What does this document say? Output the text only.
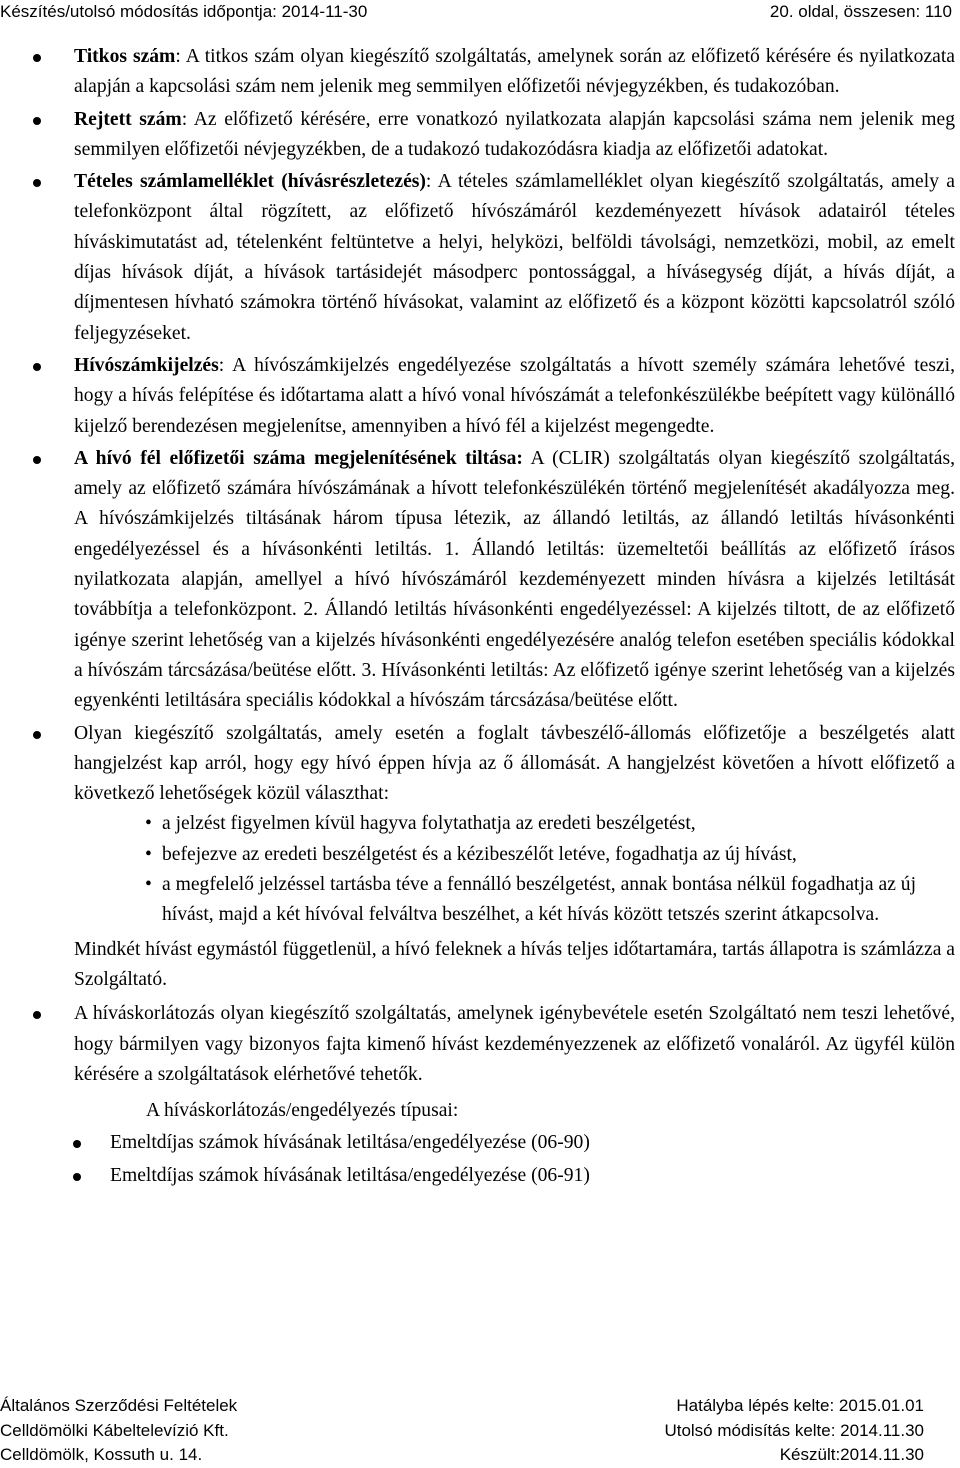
Készítés/utolsó módosítás időpontja: 2014-11-30	20. oldal, összesen: 110
Titkos szám: A titkos szám olyan kiegészítő szolgáltatás, amelynek során az előfizető kérésére és nyilatkozata alapján a kapcsolási szám nem jelenik meg semmilyen előfizetői névjegyzékben, és tudakozóban.
Rejtett szám: Az előfizető kérésére, erre vonatkozó nyilatkozata alapján kapcsolási száma nem jelenik meg semmilyen előfizetői névjegyzékben, de a tudakozó tudakozódásra kiadja az előfizetői adatokat.
Tételes számlamelléklet (hívásrészletezés): A tételes számlamelléklet olyan kiegészítő szolgáltatás, amely a telefonközpont által rögzített, az előfizető hívószámáról kezdeményezett hívások adatairól tételes híváskimutatást ad, tételenként feltüntetve a helyi, helyközi, belföldi távolsági, nemzetközi, mobil, az emelt díjas hívások díját, a hívások tartásidejét másodperc pontossággal, a hívásegység díját, a hívás díját, a díjmentesen hívható számokra történő hívásokat, valamint az előfizető és a központ közötti kapcsolatról szóló feljegyzéseket.
Hívószámkijelzés: A hívószámkijelzés engedélyezése szolgáltatás a hívott személy számára lehetővé teszi, hogy a hívás felépítése és időtartama alatt a hívó vonal hívószámát a telefonkészülékbe beépített vagy különálló kijelző berendezésen megjelenítse, amennyiben a hívó fél a kijelzést megengedte.
A hívó fél előfizetői száma megjelenítésének tiltása: A (CLIR) szolgáltatás olyan kiegészítő szolgáltatás, amely az előfizető számára hívószámának a hívott telefonkészülékén történő megjelenítését akadályozza meg. A hívószámkijelzés tiltásának három típusa létezik, az állandó letiltás, az állandó letiltás hívásonkénti engedélyezéssel és a hívásonkénti letiltás. 1. Állandó letiltás: üzemeltetői beállítás az előfizető írásos nyilatkozata alapján, amellyel a hívó hívószámáról kezdeményezett minden hívásra a kijelzés letiltását továbbítja a telefonközpont. 2. Állandó letiltás hívásonkénti engedélyezéssel: A kijelzés tiltott, de az előfizető igénye szerint lehetőség van a kijelzés hívásonkénti engedélyezésére analóg telefon esetében speciális kódokkal a hívószám tárcsázása/beütése előtt. 3. Hívásonkénti letiltás: Az előfizető igénye szerint lehetőség van a kijelzés egyenkénti letiltására speciális kódokkal a hívószám tárcsázása/beütése előtt.
Olyan kiegészítő szolgáltatás, amely esetén a foglalt távbeszélő-állomás előfizetője a beszélgetés alatt hangjelzést kap arról, hogy egy hívó éppen hívja az ő állomását. A hangjelzést követően a hívott előfizető a következő lehetőségek közül választhat:
• a jelzést figyelmen kívül hagyva folytathatja az eredeti beszélgetést,
• befejezve az eredeti beszélgetést és a kézibeszélőt letéve, fogadhatja az új hívást,
• a megfelelő jelzéssel tartásba téve a fennálló beszélgetést, annak bontása nélkül fogadhatja az új hívást, majd a két hívóval felváltva beszélhet, a két hívás között tetszés szerint átkapcsolva.
Mindkét hívást egymástól függetlenül, a hívó feleknek a hívás teljes időtartamára, tartás állapotra is számlázza a Szolgáltató.
A híváskorlátozás olyan kiegészítő szolgáltatás, amelynek igénybevétele esetén Szolgáltató nem teszi lehetővé, hogy bármilyen vagy bizonyos fajta kimenő hívást kezdeményezzenek az előfizető vonaláról. Az ügyfél külön kérésére a szolgáltatások elérhetővé tehetők.
A híváskorlátozás/engedélyezés típusai:
Emeltdíjas számok hívásának letiltása/engedélyezése (06-90)
Emeltdíjas számok hívásának letiltása/engedélyezése (06-91)
Általános Szerződési Feltételek	Hatályba lépés kelte: 2015.01.01
Celldömölki Kábeltelevízió Kft.	Utolsó módisítás kelte: 2014.11.30
Celldömölk, Kossuth u. 14.	Készült:2014.11.30
